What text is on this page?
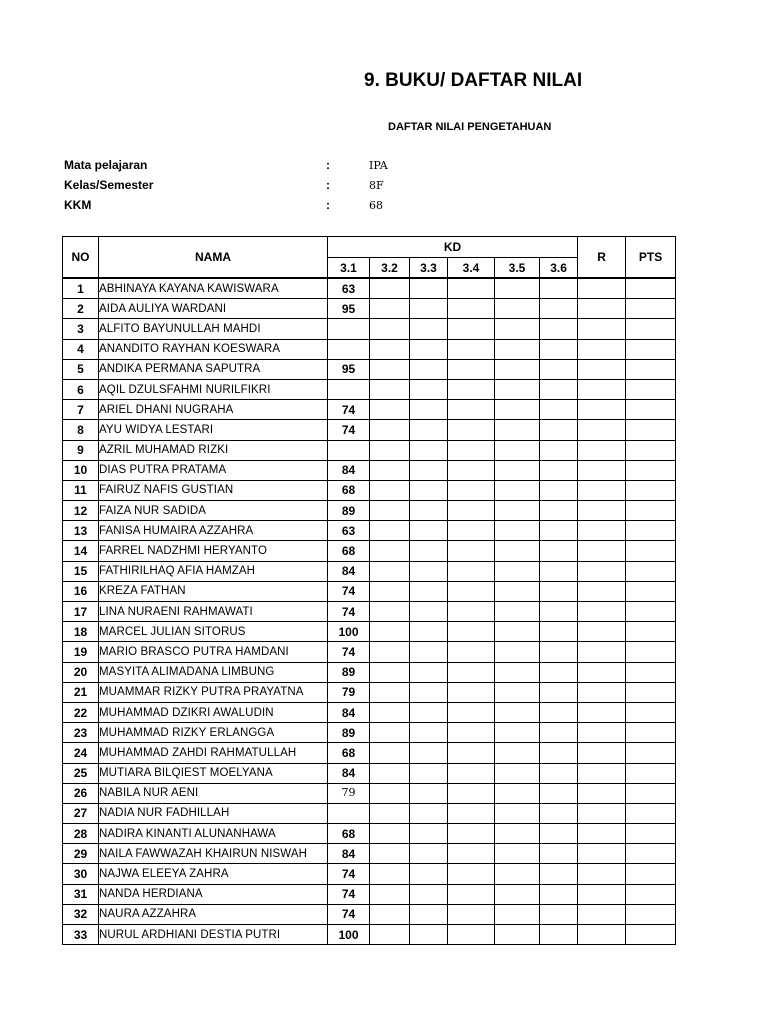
9. BUKU/ DAFTAR NILAI
DAFTAR NILAI PENGETAHUAN
Mata pelajaran	:	IPA
Kelas/Semester	:	8F
KKM	:	68
NO	NAMA	KD						R	PTS
		3.1	3.2	3.3	3.4	3.5	3.6		
1	ABHINAYA KAYANA KAWISWARA	63							
2	AIDA AULIYA WARDANI	95							
3	ALFITO BAYUNULLAH MAHDI								
4	ANANDITO RAYHAN KOESWARA								
5	ANDIKA PERMANA SAPUTRA	95							
6	AQIL DZULSFAHMI NURILFIKRI								
7	ARIEL DHANI NUGRAHA	74							
8	AYU WIDYA LESTARI	74							
9	AZRIL MUHAMAD RIZKI								
10	DIAS PUTRA PRATAMA	84							
11	FAIRUZ NAFIS GUSTIAN	68							
12	FAIZA NUR SADIDA	89							
13	FANISA HUMAIRA AZZAHRA	63							
14	FARREL NADZHMI HERYANTO	68							
15	FATHIRILHAQ AFIA HAMZAH	84							
16	KREZA FATHAN	74							
17	LINA NURAENI RAHMAWATI	74							
18	MARCEL JULIAN SITORUS	100							
19	MARIO BRASCO PUTRA HAMDANI	74							
20	MASYITA ALIMADANA LIMBUNG	89							
21	MUAMMAR RIZKY PUTRA PRAYATNA	79							
22	MUHAMMAD DZIKRI AWALUDIN	84							
23	MUHAMMAD RIZKY ERLANGGA	89							
24	MUHAMMAD ZAHDI RAHMATULLAH	68							
25	MUTIARA BILQIEST MOELYANA	84							
26	NABILA NUR AENI	79							
27	NADIA NUR FADHILLAH								
28	NADIRA KINANTI ALUNANHAWA	68							
29	NAILA FAWWAZAH KHAIRUN NISWAH	84							
30	NAJWA ELEEYA ZAHRA	74							
31	NANDA HERDIANA	74							
32	NAURA AZZAHRA	74							
33	NURUL ARDHIANI DESTIA PUTRI	100							
